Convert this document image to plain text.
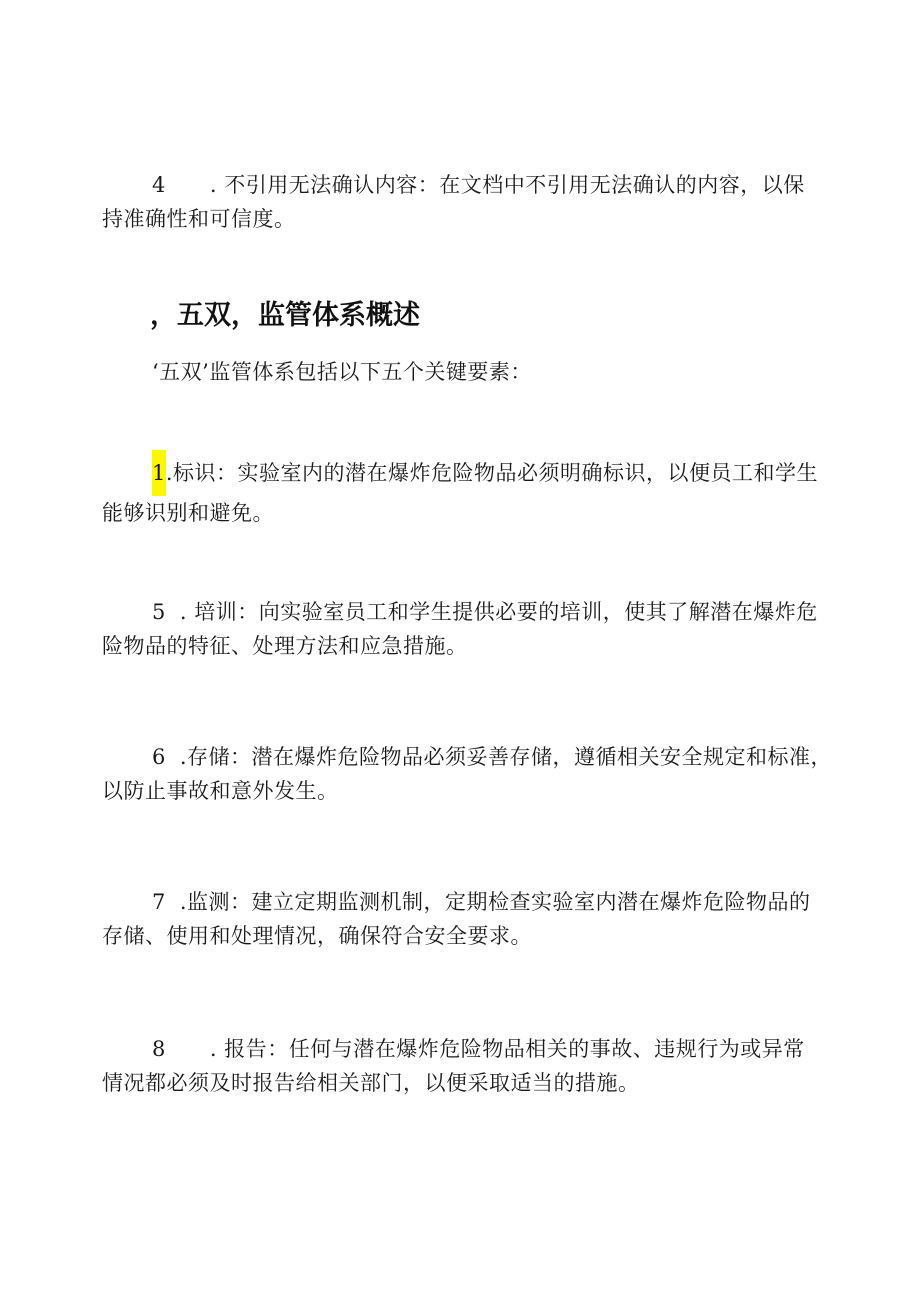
4 . 不引用无法确认内容：在文档中不引用无法确认的内容，以保
持准确性和可信度。

，五双，监管体系概述

‘五双’监管体系包括以下五个关键要素：

1.标识：实验室内的潜在爆炸危险物品必须明确标识，以便员工和学生
能够识别和避免。

5 . 培训：向实验室员工和学生提供必要的培训，使其了解潜在爆炸危
险物品的特征、处理方法和应急措施。

6 .存储：潜在爆炸危险物品必须妥善存储，遵循相关安全规定和标准，
以防止事故和意外发生。

7 .监测：建立定期监测机制，定期检查实验室内潜在爆炸危险物品的
存储、使用和处理情况，确保符合安全要求。

8 . 报告：任何与潜在爆炸危险物品相关的事故、违规行为或异常
情况都必须及时报告给相关部门，以便采取适当的措施。
